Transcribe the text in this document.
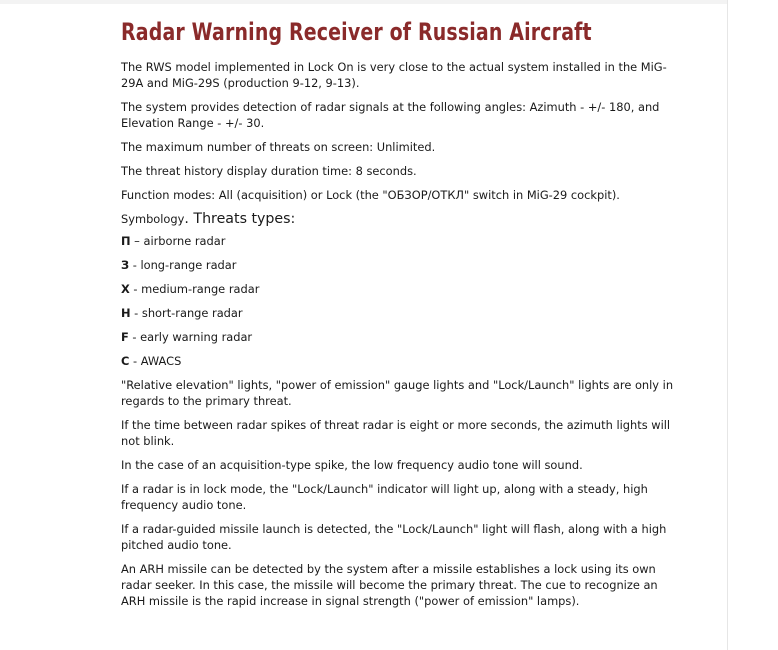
Radar Warning Receiver of Russian Aircraft

The RWS model implemented in Lock On is very close to the actual system installed in the MiG-29A and MiG-29S (production 9-12, 9-13).

The system provides detection of radar signals at the following angles: Azimuth - +/- 180, and Elevation Range - +/- 30.

The maximum number of threats on screen: Unlimited.

The threat history display duration time: 8 seconds.

Function modes: All (acquisition) or Lock (the "ОБЗОР/ОТКЛ" switch in MiG-29 cockpit).

Symbology. Threats types:

П – airborne radar

З - long-range radar

Х - medium-range radar

Н - short-range radar

F - early warning radar

С - AWACS

"Relative elevation" lights, "power of emission" gauge lights and "Lock/Launch" lights are only in regards to the primary threat.

If the time between radar spikes of threat radar is eight or more seconds, the azimuth lights will not blink.

In the case of an acquisition-type spike, the low frequency audio tone will sound.

If a radar is in lock mode, the "Lock/Launch" indicator will light up, along with a steady, high frequency audio tone.

If a radar-guided missile launch is detected, the "Lock/Launch" light will flash, along with a high pitched audio tone.

An ARH missile can be detected by the system after a missile establishes a lock using its own radar seeker. In this case, the missile will become the primary threat. The cue to recognize an ARH missile is the rapid increase in signal strength ("power of emission" lamps).
